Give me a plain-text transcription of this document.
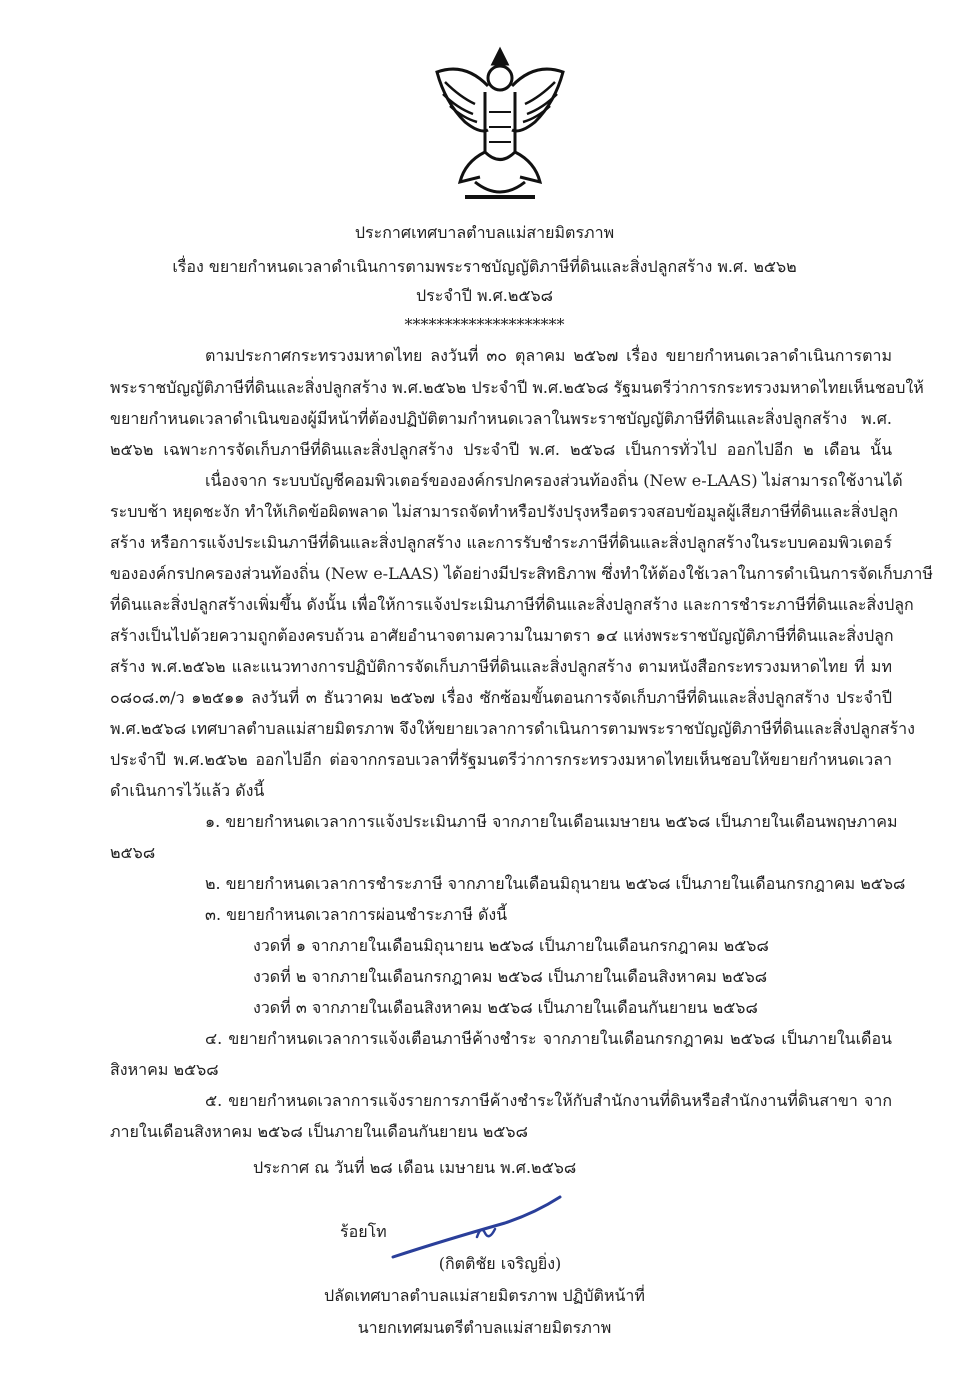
ประกาศเทศบาลตำบลแม่สายมิตรภาพ
เรื่อง ขยายกำหนดเวลาดำเนินการตามพระราชบัญญัติภาษีที่ดินและสิ่งปลูกสร้าง พ.ศ. ๒๕๖๒
ประจำปี พ.ศ.๒๕๖๘
********************
ตามประกาศกระทรวงมหาดไทย ลงวันที่ ๓๐ ตุลาคม ๒๕๖๗ เรื่อง ขยายกำหนดเวลาดำเนินการตาม
พระราชบัญญัติภาษีที่ดินและสิ่งปลูกสร้าง พ.ศ.๒๕๖๒ ประจำปี พ.ศ.๒๕๖๘ รัฐมนตรีว่าการกระทรวงมหาดไทยเห็นชอบให้
ขยายกำหนดเวลาดำเนินของผู้มีหน้าที่ต้องปฏิบัติตามกำหนดเวลาในพระราชบัญญัติภาษีที่ดินและสิ่งปลูกสร้าง พ.ศ.
๒๕๖๒ เฉพาะการจัดเก็บภาษีที่ดินและสิ่งปลูกสร้าง ประจำปี พ.ศ. ๒๕๖๘ เป็นการทั่วไป ออกไปอีก ๒ เดือน นั้น
เนื่องจาก ระบบบัญชีคอมพิวเตอร์ขององค์กรปกครองส่วนท้องถิ่น (New e-LAAS) ไม่สามารถใช้งานได้
ระบบช้า หยุดชะงัก ทำให้เกิดข้อผิดพลาด ไม่สามารถจัดทำหรือปรังปรุงหรือตรวจสอบข้อมูลผู้เสียภาษีที่ดินและสิ่งปลูก
สร้าง หรือการแจ้งประเมินภาษีที่ดินและสิ่งปลูกสร้าง และการรับชำระภาษีที่ดินและสิ่งปลูกสร้างในระบบคอมพิวเตอร์
ขององค์กรปกครองส่วนท้องถิ่น (New e-LAAS) ได้อย่างมีประสิทธิภาพ ซึ่งทำให้ต้องใช้เวลาในการดำเนินการจัดเก็บภาษี
ที่ดินและสิ่งปลูกสร้างเพิ่มขึ้น ดังนั้น เพื่อให้การแจ้งประเมินภาษีที่ดินและสิ่งปลูกสร้าง และการชำระภาษีที่ดินและสิ่งปลูก
สร้างเป็นไปด้วยความถูกต้องครบถ้วน อาศัยอำนาจตามความในมาตรา ๑๔ แห่งพระราชบัญญัติภาษีที่ดินและสิ่งปลูก
สร้าง พ.ศ.๒๕๖๒ และแนวทางการปฏิบัติการจัดเก็บภาษีที่ดินและสิ่งปลูกสร้าง ตามหนังสือกระทรวงมหาดไทย ที่ มท
๐๘๐๘.๓/ว ๑๒๕๑๑ ลงวันที่ ๓ ธันวาคม ๒๕๖๗ เรื่อง ซักซ้อมขั้นตอนการจัดเก็บภาษีที่ดินและสิ่งปลูกสร้าง ประจำปี
พ.ศ.๒๕๖๘ เทศบาลตำบลแม่สายมิตรภาพ จึงให้ขยายเวลาการดำเนินการตามพระราชบัญญัติภาษีที่ดินและสิ่งปลูกสร้าง
ประจำปี พ.ศ.๒๕๖๒ ออกไปอีก ต่อจากกรอบเวลาที่รัฐมนตรีว่าการกระทรวงมหาดไทยเห็นชอบให้ขยายกำหนดเวลา
ดำเนินการไว้แล้ว ดังนี้
๑. ขยายกำหนดเวลาการแจ้งประเมินภาษี จากภายในเดือนเมษายน ๒๕๖๘ เป็นภายในเดือนพฤษภาคม
๒๕๖๘
๒. ขยายกำหนดเวลาการชำระภาษี จากภายในเดือนมิถุนายน ๒๕๖๘ เป็นภายในเดือนกรกฎาคม ๒๕๖๘
๓. ขยายกำหนดเวลาการผ่อนชำระภาษี ดังนี้
งวดที่ ๑ จากภายในเดือนมิถุนายน ๒๕๖๘ เป็นภายในเดือนกรกฎาคม ๒๕๖๘
งวดที่ ๒ จากภายในเดือนกรกฎาคม ๒๕๖๘ เป็นภายในเดือนสิงหาคม ๒๕๖๘
งวดที่ ๓ จากภายในเดือนสิงหาคม ๒๕๖๘ เป็นภายในเดือนกันยายน ๒๕๖๘
๔. ขยายกำหนดเวลาการแจ้งเตือนภาษีค้างชำระ จากภายในเดือนกรกฎาคม ๒๕๖๘ เป็นภายในเดือน
สิงหาคม ๒๕๖๘
๕. ขยายกำหนดเวลาการแจ้งรายการภาษีค้างชำระให้กับสำนักงานที่ดินหรือสำนักงานที่ดินสาขา จาก
ภายในเดือนสิงหาคม ๒๕๖๘ เป็นภายในเดือนกันยายน ๒๕๖๘
ประกาศ ณ วันที่ ๒๘ เดือน เมษายน พ.ศ.๒๕๖๘
ร้อยโท
(กิตติชัย เจริญยิ่ง)
ปลัดเทศบาลตำบลแม่สายมิตรภาพ ปฏิบัติหน้าที่
นายกเทศมนตรีตำบลแม่สายมิตรภาพ
